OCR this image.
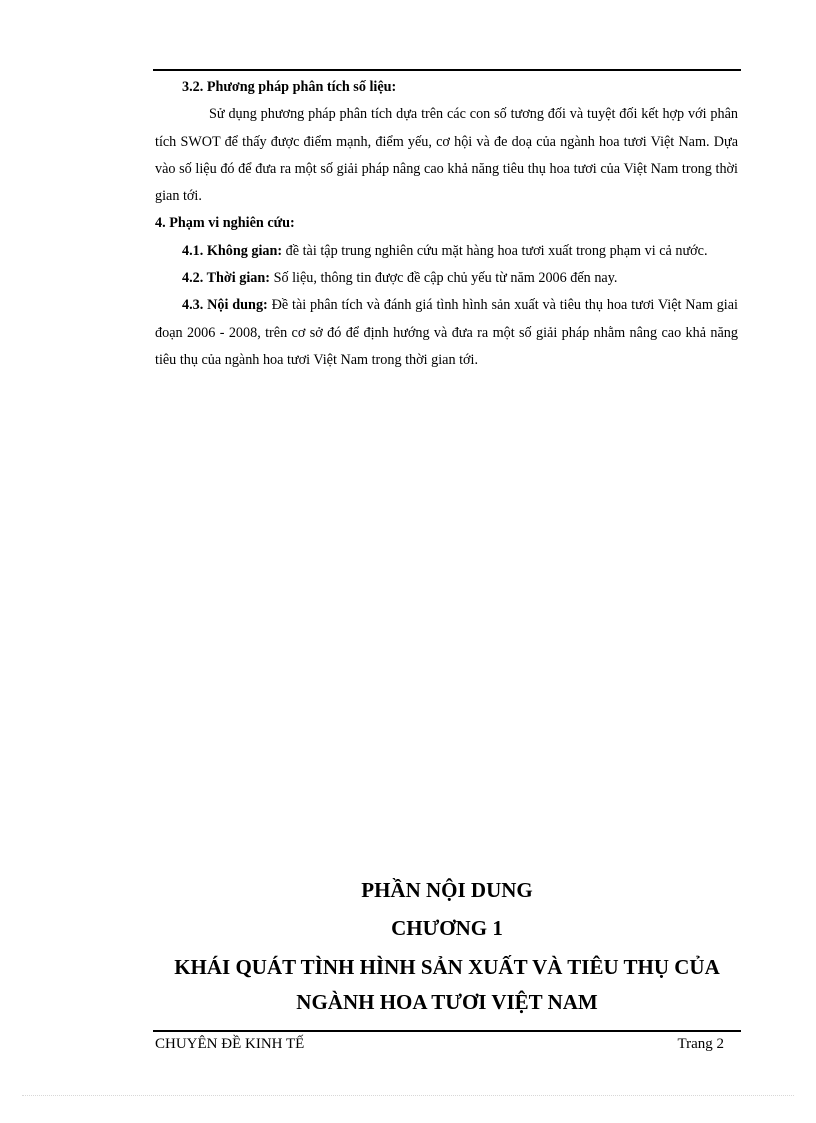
3.2. Phương pháp phân tích số liệu:

Sử dụng phương pháp phân tích dựa trên các con số tương đối và tuyệt đối kết hợp với phân tích SWOT để thấy được điểm mạnh, điểm yếu, cơ hội và đe doạ của ngành hoa tươi Việt Nam. Dựa vào số liệu đó để đưa ra một số giải pháp nâng cao khả năng tiêu thụ hoa tươi của Việt Nam trong thời gian tới.

4. Phạm vi nghiên cứu:

4.1. Không gian: đề tài tập trung nghiên cứu mặt hàng hoa tươi xuất trong phạm vi cả nước.

4.2. Thời gian: Số liệu, thông tin được đề cập chủ yếu từ năm 2006 đến nay.

4.3. Nội dung: Đề tài phân tích và đánh giá tình hình sản xuất và tiêu thụ hoa tươi Việt Nam giai đoạn 2006 - 2008, trên cơ sở đó để định hướng và đưa ra một số giải pháp nhằm nâng cao khả năng tiêu thụ của ngành hoa tươi Việt Nam trong thời gian tới.

PHẦN NỘI DUNG
CHƯƠNG 1
KHÁI QUÁT TÌNH HÌNH SẢN XUẤT VÀ TIÊU THỤ CỦA
NGÀNH HOA TƯƠI VIỆT NAM
CHUYÊN ĐỀ KINH TẾ	Trang 2
